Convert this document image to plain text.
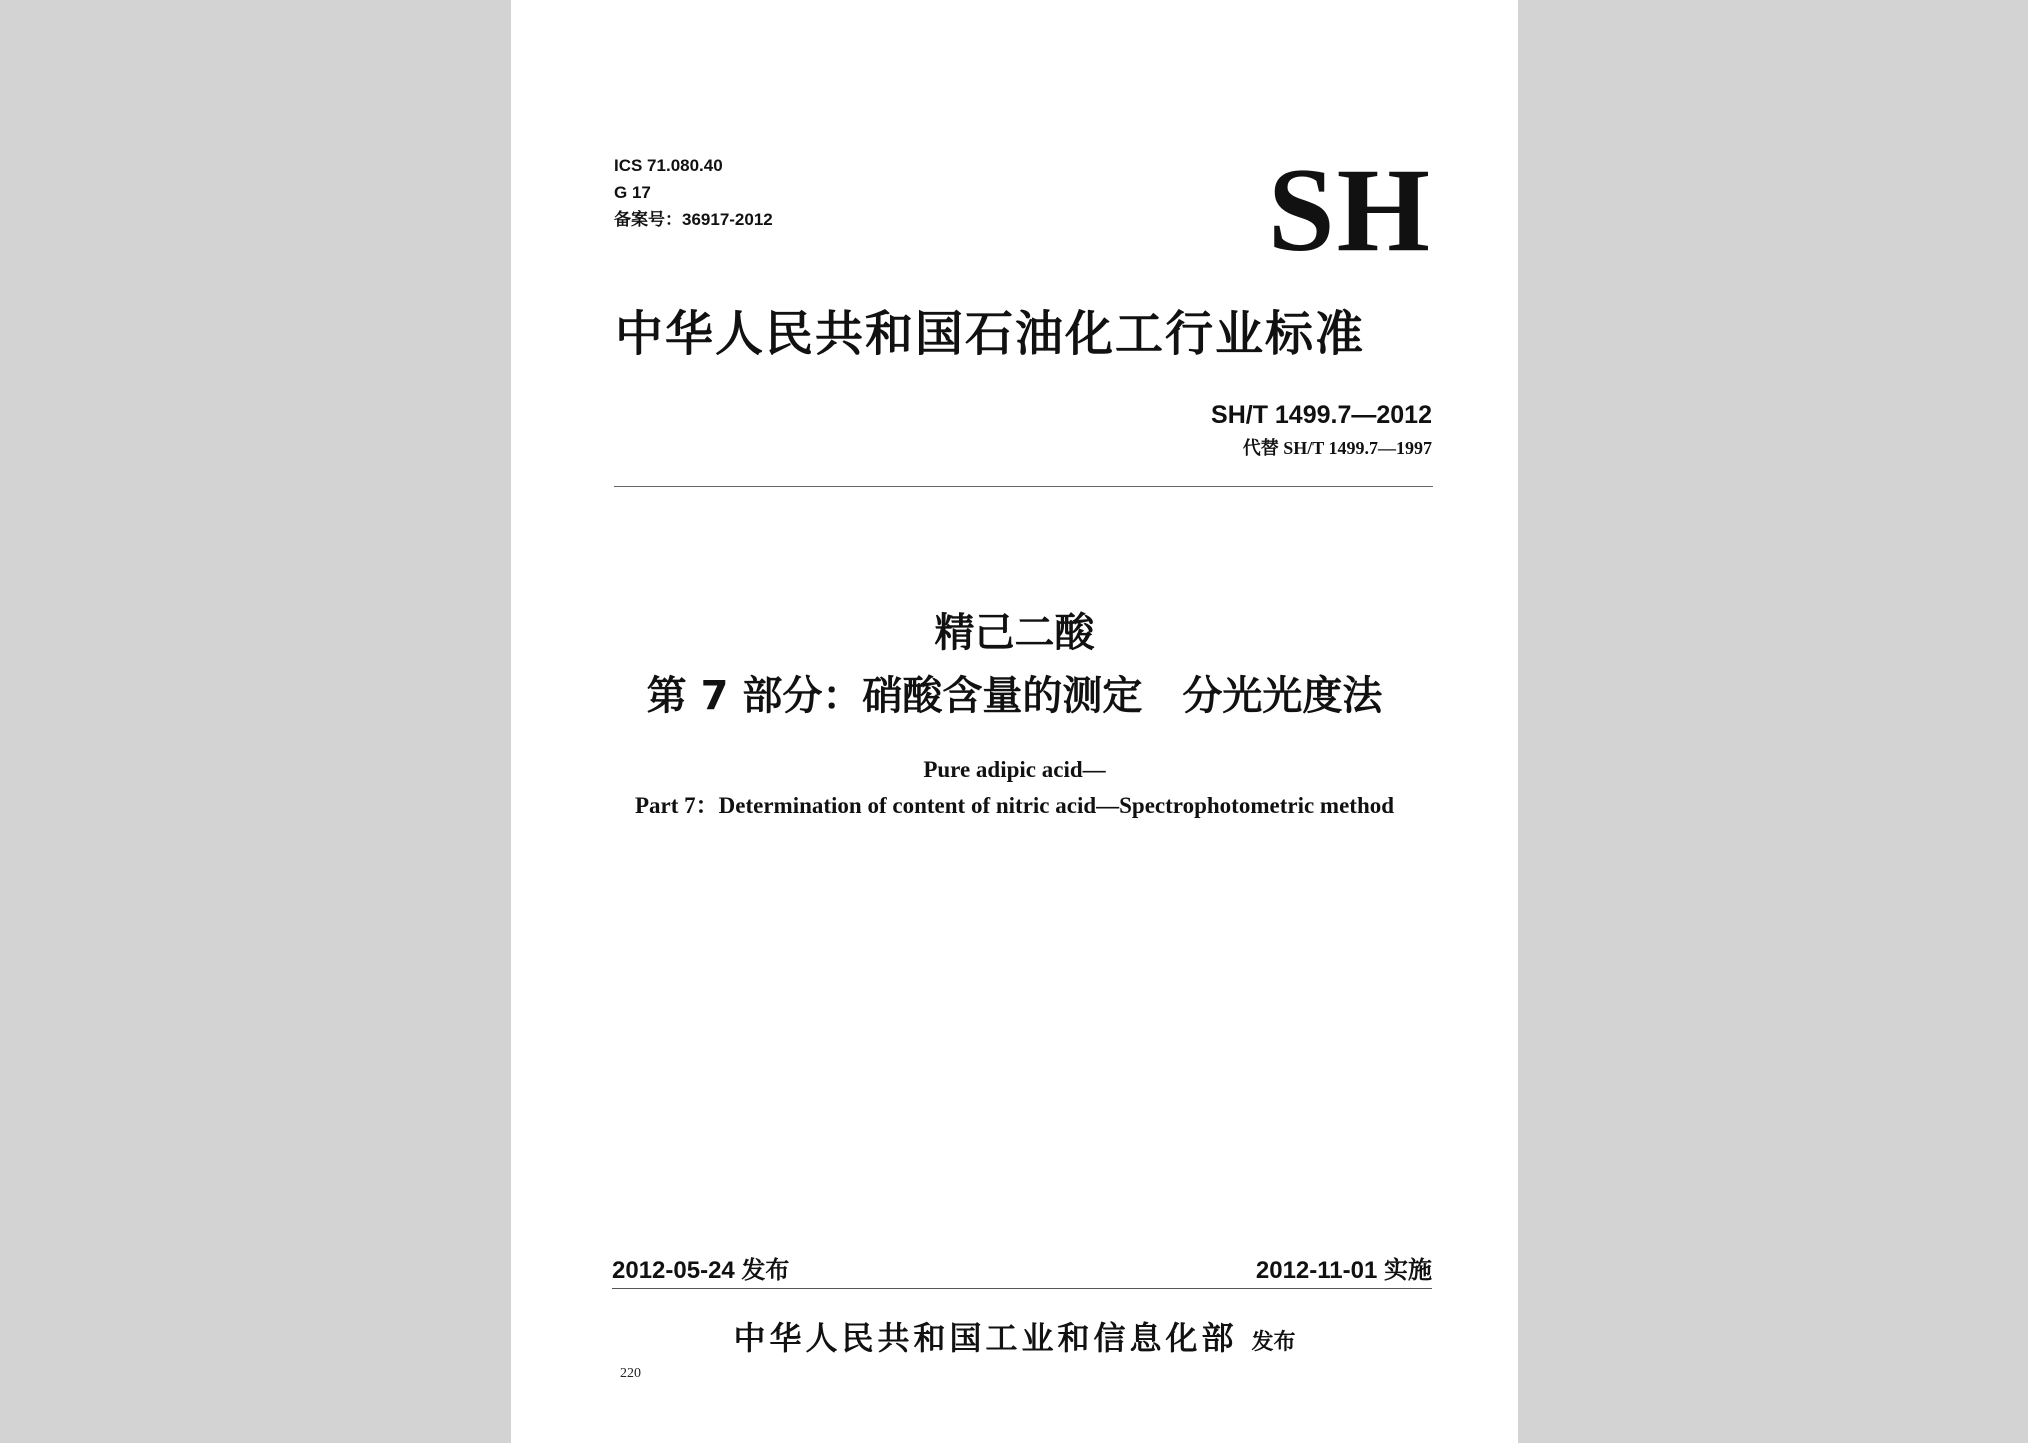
ICS 71.080.40
G 17
备案号：36917-2012	SH
中华人民共和国石油化工行业标准
SH/T 1499.7—2012
代替 SH/T 1499.7—1997
精己二酸
第 7 部分：硝酸含量的测定　分光光度法
Pure adipic acid—
Part 7：Determination of content of nitric acid—Spectrophotometric method
2012-05-24 发布	2012-11-01 实施
中华人民共和国工业和信息化部 发布
220
